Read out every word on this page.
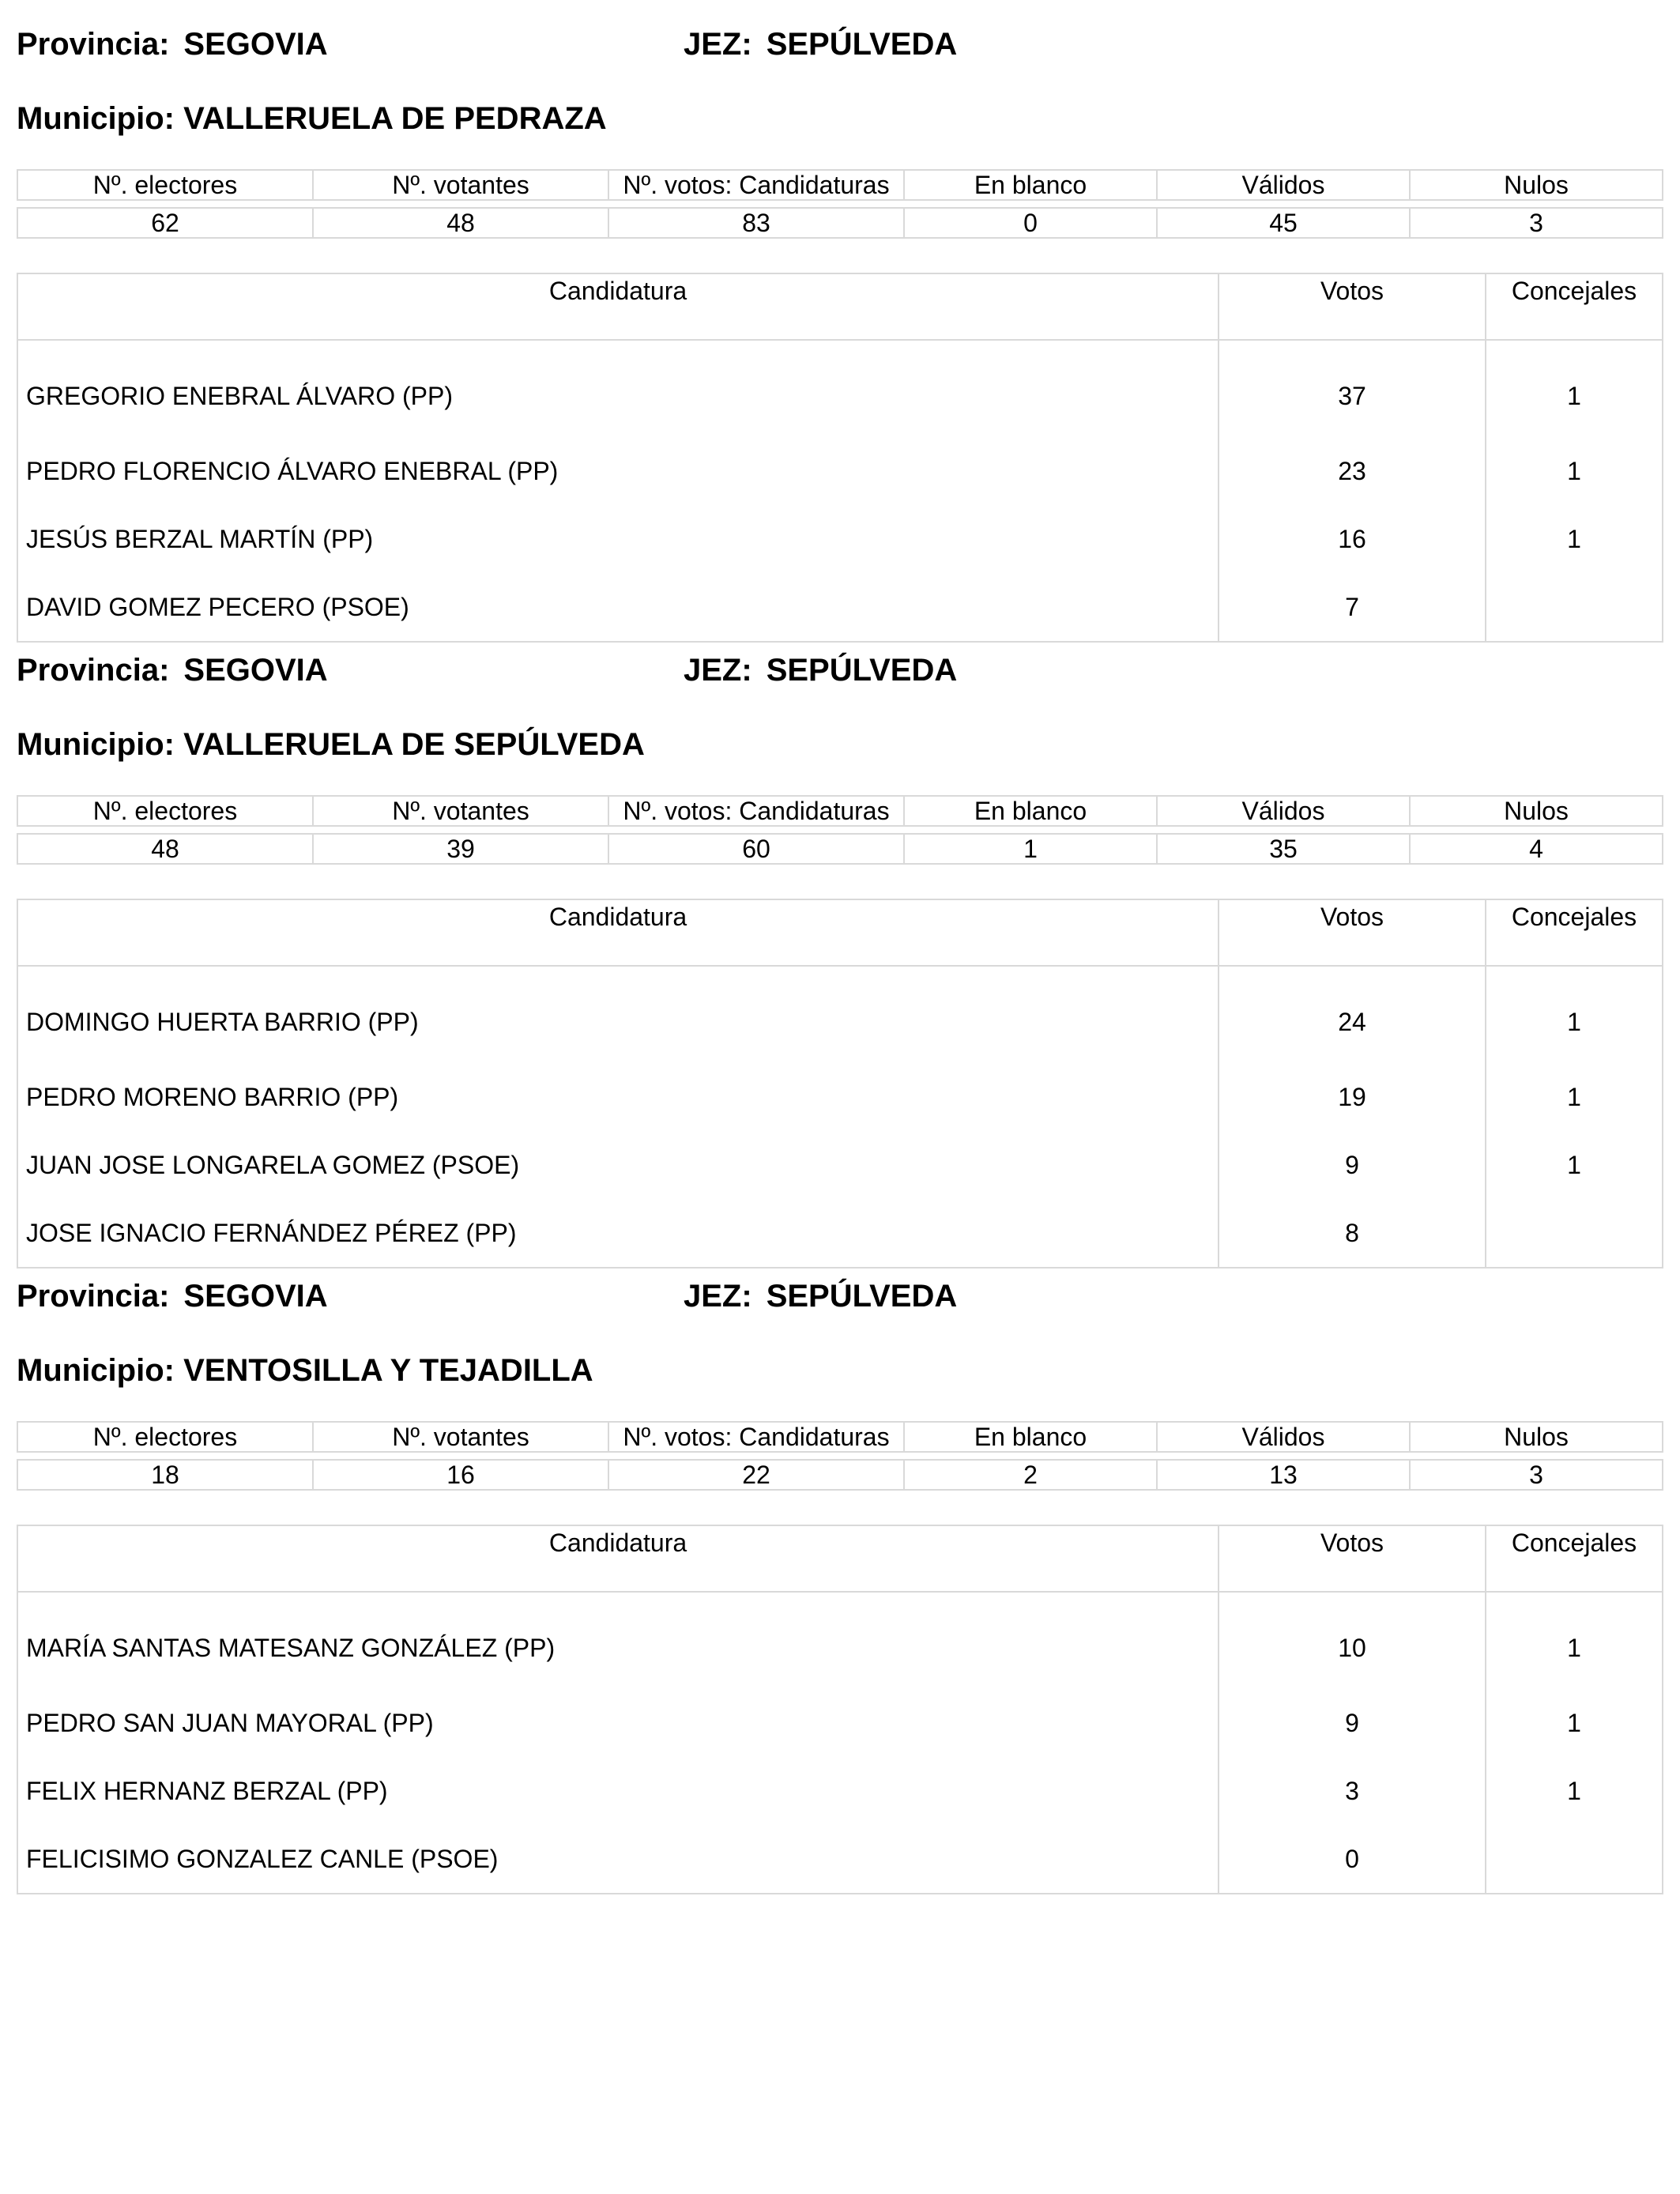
Provincia: SEGOVIA	JEZ: SEPÚLVEDA
Municipio: VALLERUELA DE PEDRAZA
Nº. electores	Nº. votantes	Nº. votos: Candidaturas	En blanco	Válidos	Nulos

62	48	83	0	45	3
Candidatura	Votos	Concejales
GREGORIO ENEBRAL ÁLVARO (PP)	37	1
PEDRO FLORENCIO ÁLVARO ENEBRAL (PP)	23	1
JESÚS BERZAL MARTÍN (PP)	16	1
DAVID GOMEZ PECERO (PSOE)	7	
Provincia: SEGOVIA	JEZ: SEPÚLVEDA
Municipio: VALLERUELA DE SEPÚLVEDA
Nº. electores	Nº. votantes	Nº. votos: Candidaturas	En blanco	Válidos	Nulos

48	39	60	1	35	4
Candidatura	Votos	Concejales
DOMINGO HUERTA BARRIO (PP)	24	1
PEDRO MORENO BARRIO (PP)	19	1
JUAN JOSE LONGARELA GOMEZ (PSOE)	9	1
JOSE IGNACIO FERNÁNDEZ PÉREZ (PP)	8	
Provincia: SEGOVIA	JEZ: SEPÚLVEDA
Municipio: VENTOSILLA Y TEJADILLA
Nº. electores	Nº. votantes	Nº. votos: Candidaturas	En blanco	Válidos	Nulos

18	16	22	2	13	3
Candidatura	Votos	Concejales
MARÍA SANTAS MATESANZ GONZÁLEZ (PP)	10	1
PEDRO SAN JUAN MAYORAL (PP)	9	1
FELIX HERNANZ BERZAL (PP)	3	1
FELICISIMO GONZALEZ CANLE (PSOE)	0	
